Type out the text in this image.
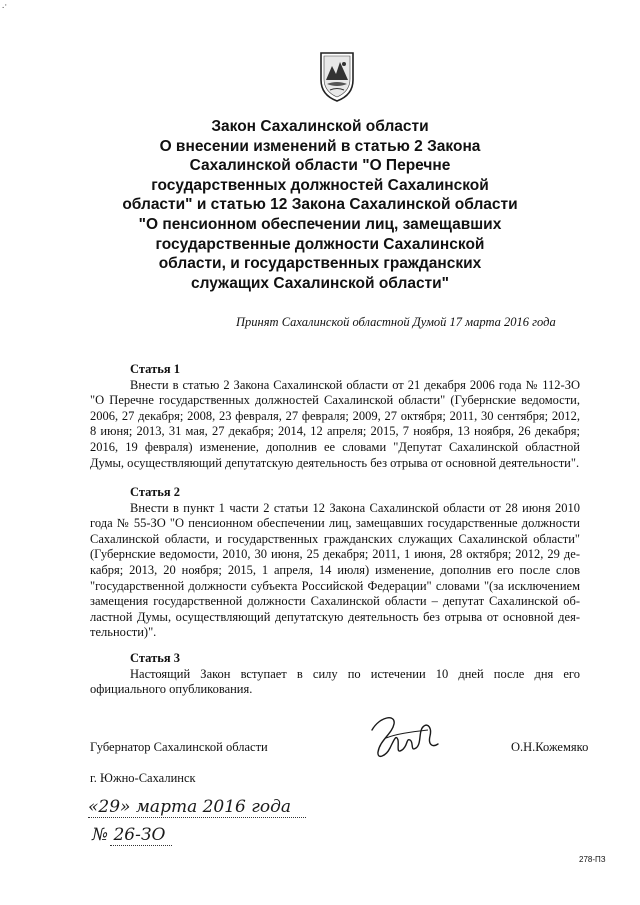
.·
Закон Сахалинской области
О внесении изменений в статью 2 Закона
Сахалинской области "О Перечне
государственных должностей Сахалинской
области" и статью 12 Закона Сахалинской области
"О пенсионном обеспечении лиц, замещавших
государственные должности Сахалинской
области, и государственных гражданских
служащих Сахалинской области"
Принят Сахалинской областной Думой 17 марта 2016 года
Статья 1

Внести в статью 2 Закона Сахалинской области от 21 декабря 2006 года № 112-ЗО "О Перечне государственных должностей Сахалинской области" (Губернские ведомости, 2006, 27 декабря; 2008, 23 февраля, 27 февраля; 2009, 27 октября; 2011, 30 сентября; 2012, 8 июня; 2013, 31 мая, 27 декабря; 2014, 12 апреля; 2015, 7 ноября, 13 ноября, 26 декабря; 2016, 19 февраля) изменение, дополнив ее словами "Депутат Сахалинской областной Думы, осуществляющий депутатскую деятельность без отрыва от основной деятельности".

Статья 2

Внести в пункт 1 части 2 статьи 12 Закона Сахалинской области от 28 июня 2010 года № 55-ЗО "О пенсионном обеспечении лиц, замещавших государственные должности Сахалинской области, и государственных гражданских служащих Сахалинской области" (Губернские ведомости, 2010, 30 июня, 25 декабря; 2011, 1 июня, 28 октября; 2012, 29 де-кабря; 2013, 20 ноября; 2015, 1 апреля, 14 июля) изменение, дополнив его после слов "государственной должности субъекта Российской Федерации" словами "(за исключением замещения государственной должности Сахалинской области – депутат Сахалинской об-ластной Думы, осуществляющий депутатскую деятельность без отрыва от основной дея-тельности)".

Статья 3

Настоящий Закон вступает в силу по истечении 10 дней после дня его официального опубликования.

Губернатор Сахалинской области	О.Н.Кожемяко
г. Южно-Сахалинск
«29» марта 2016 года
№ 26-ЗО
278-ПЗ
